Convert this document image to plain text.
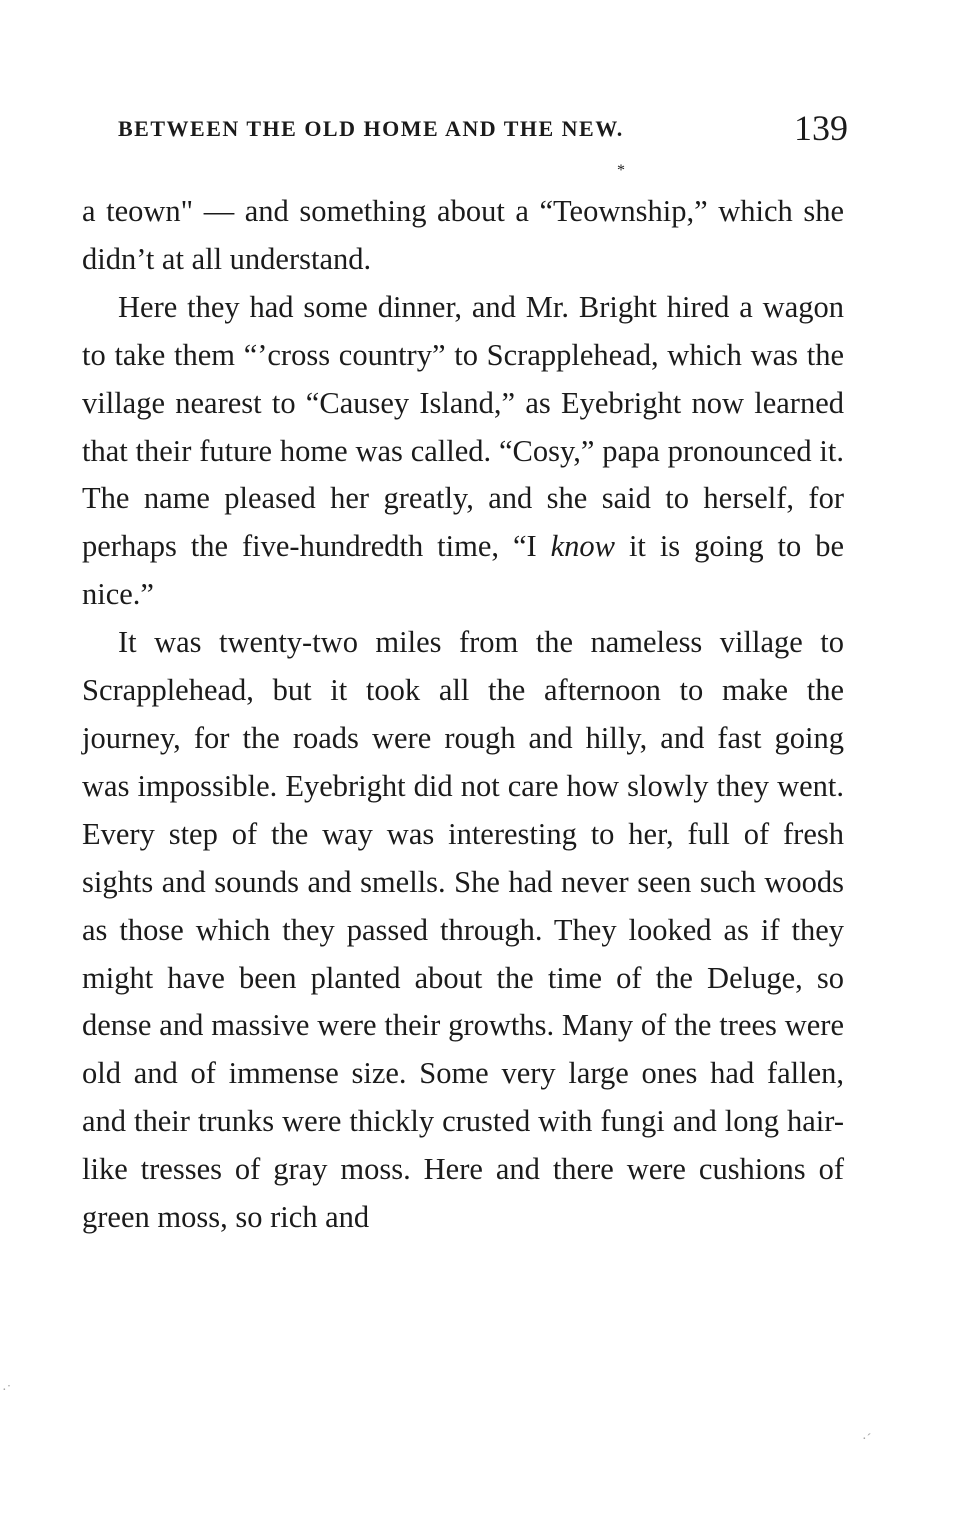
BETWEEN THE OLD HOME AND THE NEW.	139
*

a teown" — and something about a “Teownship,” which she didn’t at all understand.

Here they had some dinner, and Mr. Bright hired a wagon to take them “’cross country” to Scrapplehead, which was the village nearest to “Causey Island,” as Eyebright now learned that their future home was called. “Cosy,” papa pronounced it. The name pleased her greatly, and she said to herself, for perhaps the five-hundredth time, “I know it is going to be nice.”

It was twenty-two miles from the nameless village to Scrapplehead, but it took all the afternoon to make the journey, for the roads were rough and hilly, and fast going was impossible. Eyebright did not care how slowly they went. Every step of the way was interesting to her, full of fresh sights and sounds and smells. She had never seen such woods as those which they passed through. They looked as if they might have been planted about the time of the Deluge, so dense and massive were their growths. Many of the trees were old and of immense size. Some very large ones had fallen, and their trunks were thickly crusted with fungi and long hair-like tresses of gray moss. Here and there were cushions of green moss, so rich and

·˙
·ˊ
